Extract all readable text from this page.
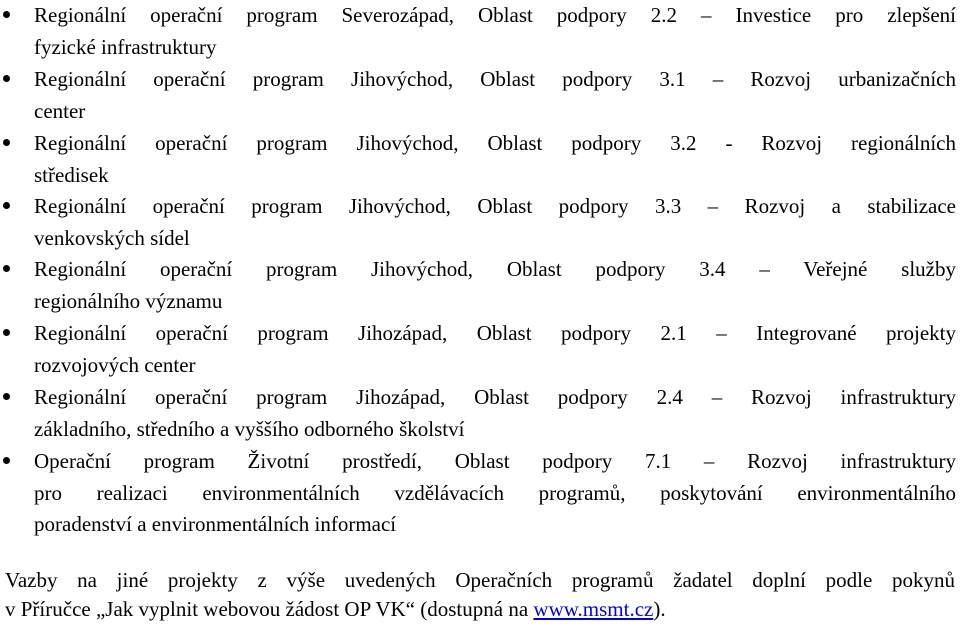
Regionální operační program Severozápad, Oblast podpory 2.2 – Investice pro zlepšení
fyzické infrastruktury
Regionální operační program Jihovýchod, Oblast podpory 3.1 – Rozvoj urbanizačních
center
Regionální operační program Jihovýchod, Oblast podpory 3.2 - Rozvoj regionálních
středisek
Regionální operační program Jihovýchod, Oblast podpory 3.3 – Rozvoj a stabilizace
venkovských sídel
Regionální operační program Jihovýchod, Oblast podpory 3.4 – Veřejné služby
regionálního významu
Regionální operační program Jihozápad, Oblast podpory 2.1 – Integrované projekty
rozvojových center
Regionální operační program Jihozápad, Oblast podpory 2.4 – Rozvoj infrastruktury
základního, středního a vyššího odborného školství
Operační program Životní prostředí, Oblast podpory 7.1 – Rozvoj infrastruktury
pro realizaci environmentálních vzdělávacích programů, poskytování environmentálního
poradenství a environmentálních informací
Vazby na jiné projekty z výše uvedených Operačních programů žadatel doplní podle pokynů
v Příručce „Jak vyplnit webovou žádost OP VK“ (dostupná na www.msmt.cz).
